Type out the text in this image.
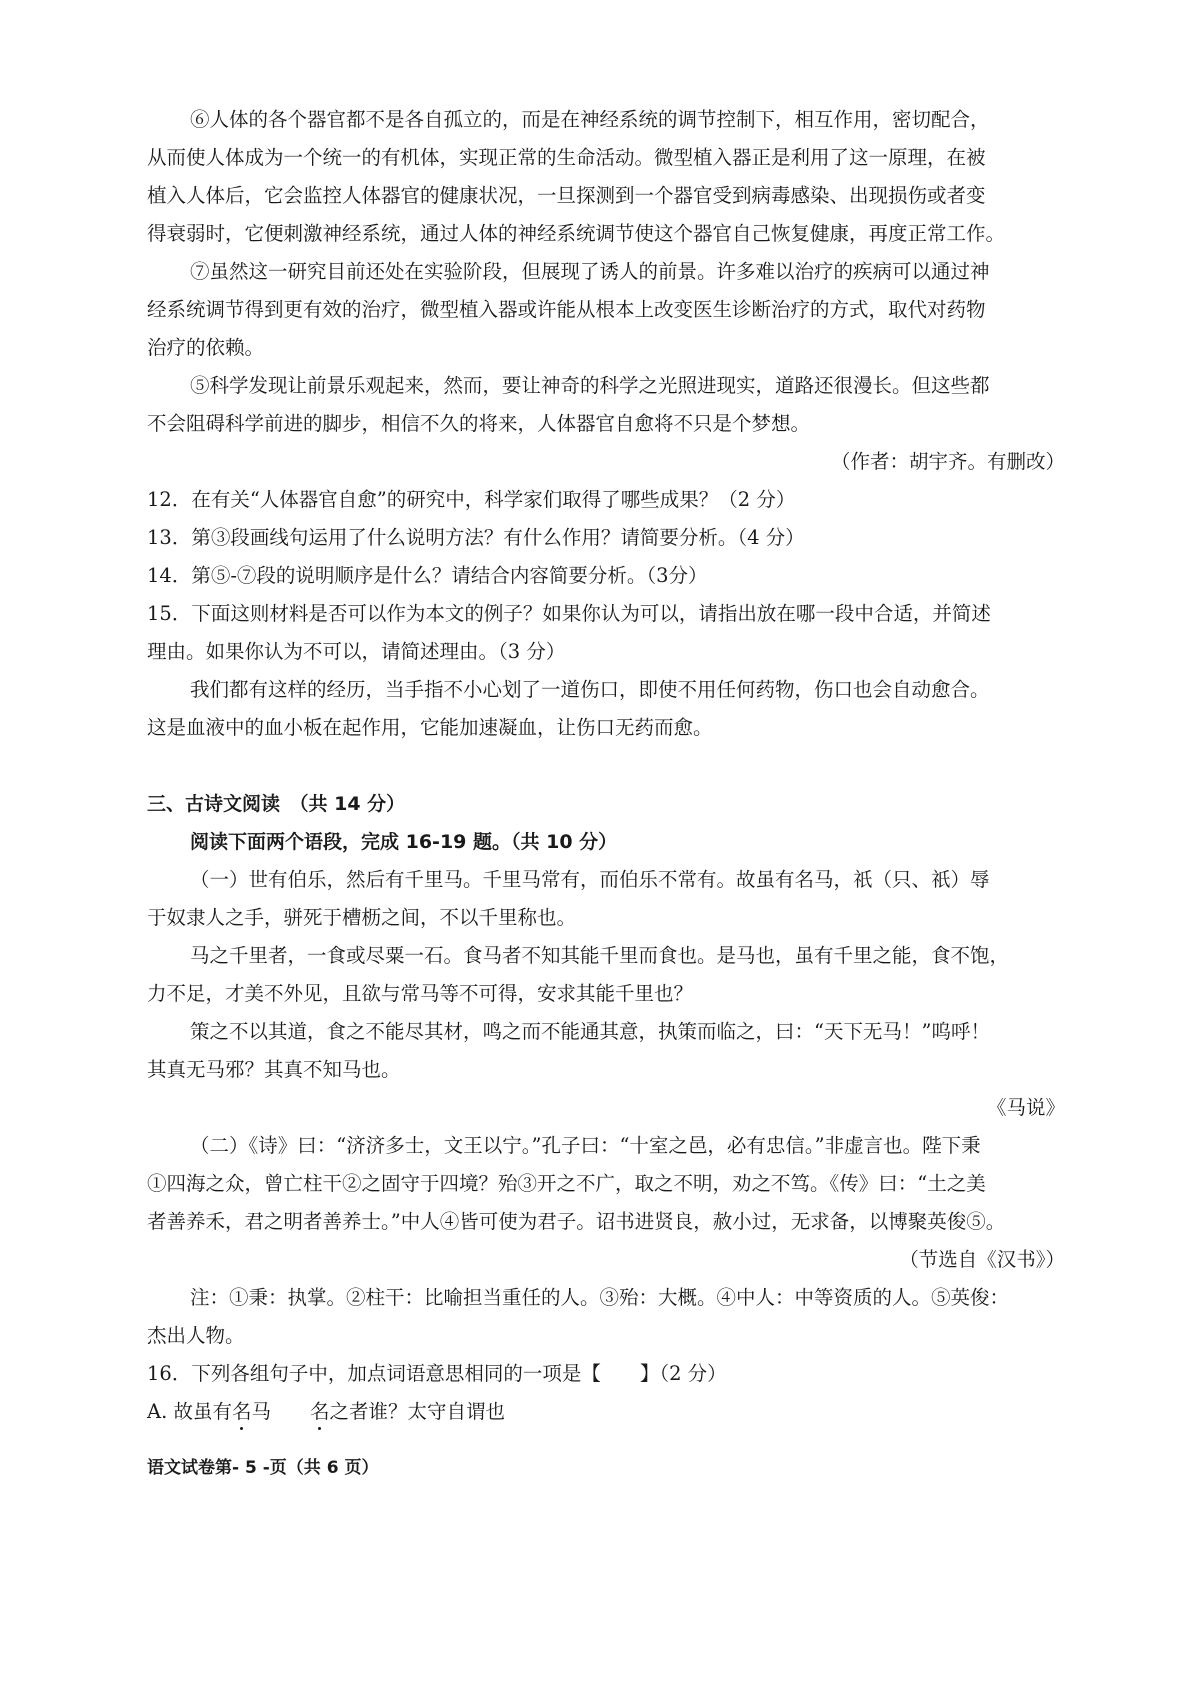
⑥人体的各个器官都不是各自孤立的，而是在神经系统的调节控制下，相互作用，密切配合，
从而使人体成为一个统一的有机体，实现正常的生命活动。微型植入器正是利用了这一原理，在被
植入人体后，它会监控人体器官的健康状况，一旦探测到一个器官受到病毒感染、出现损伤或者变
得衰弱时，它便刺激神经系统，通过人体的神经系统调节使这个器官自己恢复健康，再度正常工作。
⑦虽然这一研究目前还处在实验阶段，但展现了诱人的前景。许多难以治疗的疾病可以通过神
经系统调节得到更有效的治疗，微型植入器或许能从根本上改变医生诊断治疗的方式，取代对药物
治疗的依赖。
⑤科学发现让前景乐观起来，然而，要让神奇的科学之光照进现实，道路还很漫长。但这些都
不会阻碍科学前进的脚步，相信不久的将来，人体器官自愈将不只是个梦想。
（作者：胡宇齐。有删改）
12．在有关“人体器官自愈”的研究中，科学家们取得了哪些成果？（2 分）
13．第③段画线句运用了什么说明方法？有什么作用？请简要分析。（4 分）
14．第⑤-⑦段的说明顺序是什么？请结合内容简要分析。（3分）
15．下面这则材料是否可以作为本文的例子？如果你认为可以，请指出放在哪一段中合适，并简述
理由。如果你认为不可以，请简述理由。（3 分）
我们都有这样的经历，当手指不小心划了一道伤口，即使不用任何药物，伤口也会自动愈合。
这是血液中的血小板在起作用，它能加速凝血，让伤口无药而愈。
三、古诗文阅读　（共 14 分）
阅读下面两个语段，完成 16-19 题。（共 10 分）
（一）世有伯乐，然后有千里马。千里马常有，而伯乐不常有。故虽有名马，祇（只、祇）辱
于奴隶人之手，骈死于槽枥之间，不以千里称也。
马之千里者，一食或尽粟一石。食马者不知其能千里而食也。是马也，虽有千里之能，食不饱，
力不足，才美不外见，且欲与常马等不可得，安求其能千里也？
策之不以其道，食之不能尽其材，鸣之而不能通其意，执策而临之，曰：“天下无马！”呜呼！
其真无马邪？其真不知马也。
《马说》
（二）《诗》曰：“济济多士，文王以宁。”孔子曰：“十室之邑，必有忠信。”非虚言也。陛下秉
①四海之众，曾亡柱干②之固守于四境？殆③开之不广，取之不明，劝之不笃。《传》曰：“土之美
者善养禾，君之明者善养士。”中人④皆可使为君子。诏书进贤良，赦小过，无求备，以博聚英俊⑤。
（节选自《汉书》）
注：①秉：执掌。②柱干：比喻担当重任的人。③殆：大概。④中人：中等资质的人。⑤英俊：
杰出人物。
16．下列各组句子中，加点词语意思相同的一项是【　　】（2 分）
A. 故虽有名马　　名之者谁？太守自谓也
语文试卷第- 5 -页（共 6 页）
